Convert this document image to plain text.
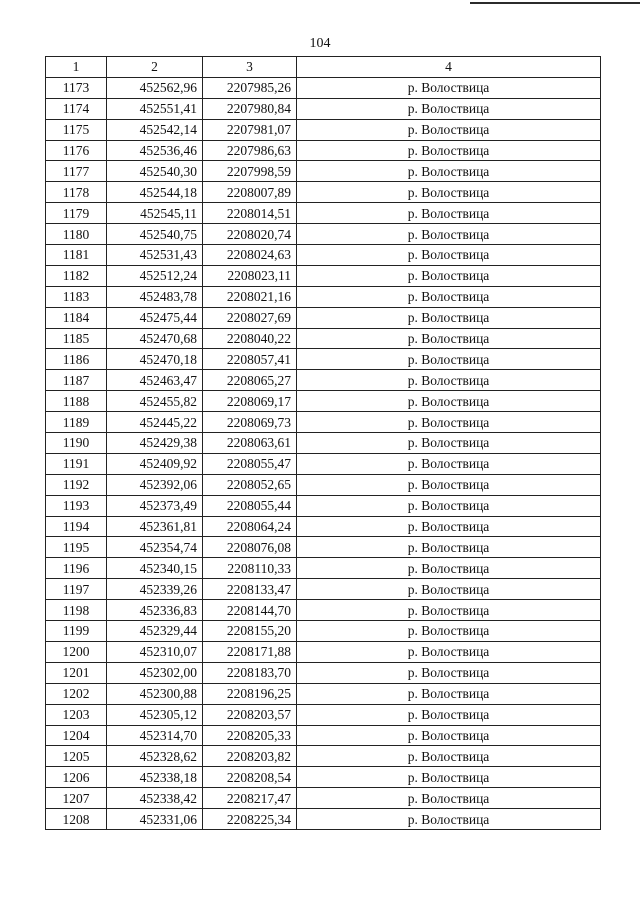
104
1	2	3	4
1173	452562,96	2207985,26	р. Волоствица
1174	452551,41	2207980,84	р. Волоствица
1175	452542,14	2207981,07	р. Волоствица
1176	452536,46	2207986,63	р. Волоствица
1177	452540,30	2207998,59	р. Волоствица
1178	452544,18	2208007,89	р. Волоствица
1179	452545,11	2208014,51	р. Волоствица
1180	452540,75	2208020,74	р. Волоствица
1181	452531,43	2208024,63	р. Волоствица
1182	452512,24	2208023,11	р. Волоствица
1183	452483,78	2208021,16	р. Волоствица
1184	452475,44	2208027,69	р. Волоствица
1185	452470,68	2208040,22	р. Волоствица
1186	452470,18	2208057,41	р. Волоствица
1187	452463,47	2208065,27	р. Волоствица
1188	452455,82	2208069,17	р. Волоствица
1189	452445,22	2208069,73	р. Волоствица
1190	452429,38	2208063,61	р. Волоствица
1191	452409,92	2208055,47	р. Волоствица
1192	452392,06	2208052,65	р. Волоствица
1193	452373,49	2208055,44	р. Волоствица
1194	452361,81	2208064,24	р. Волоствица
1195	452354,74	2208076,08	р. Волоствица
1196	452340,15	2208110,33	р. Волоствица
1197	452339,26	2208133,47	р. Волоствица
1198	452336,83	2208144,70	р. Волоствица
1199	452329,44	2208155,20	р. Волоствица
1200	452310,07	2208171,88	р. Волоствица
1201	452302,00	2208183,70	р. Волоствица
1202	452300,88	2208196,25	р. Волоствица
1203	452305,12	2208203,57	р. Волоствица
1204	452314,70	2208205,33	р. Волоствица
1205	452328,62	2208203,82	р. Волоствица
1206	452338,18	2208208,54	р. Волоствица
1207	452338,42	2208217,47	р. Волоствица
1208	452331,06	2208225,34	р. Волоствица
